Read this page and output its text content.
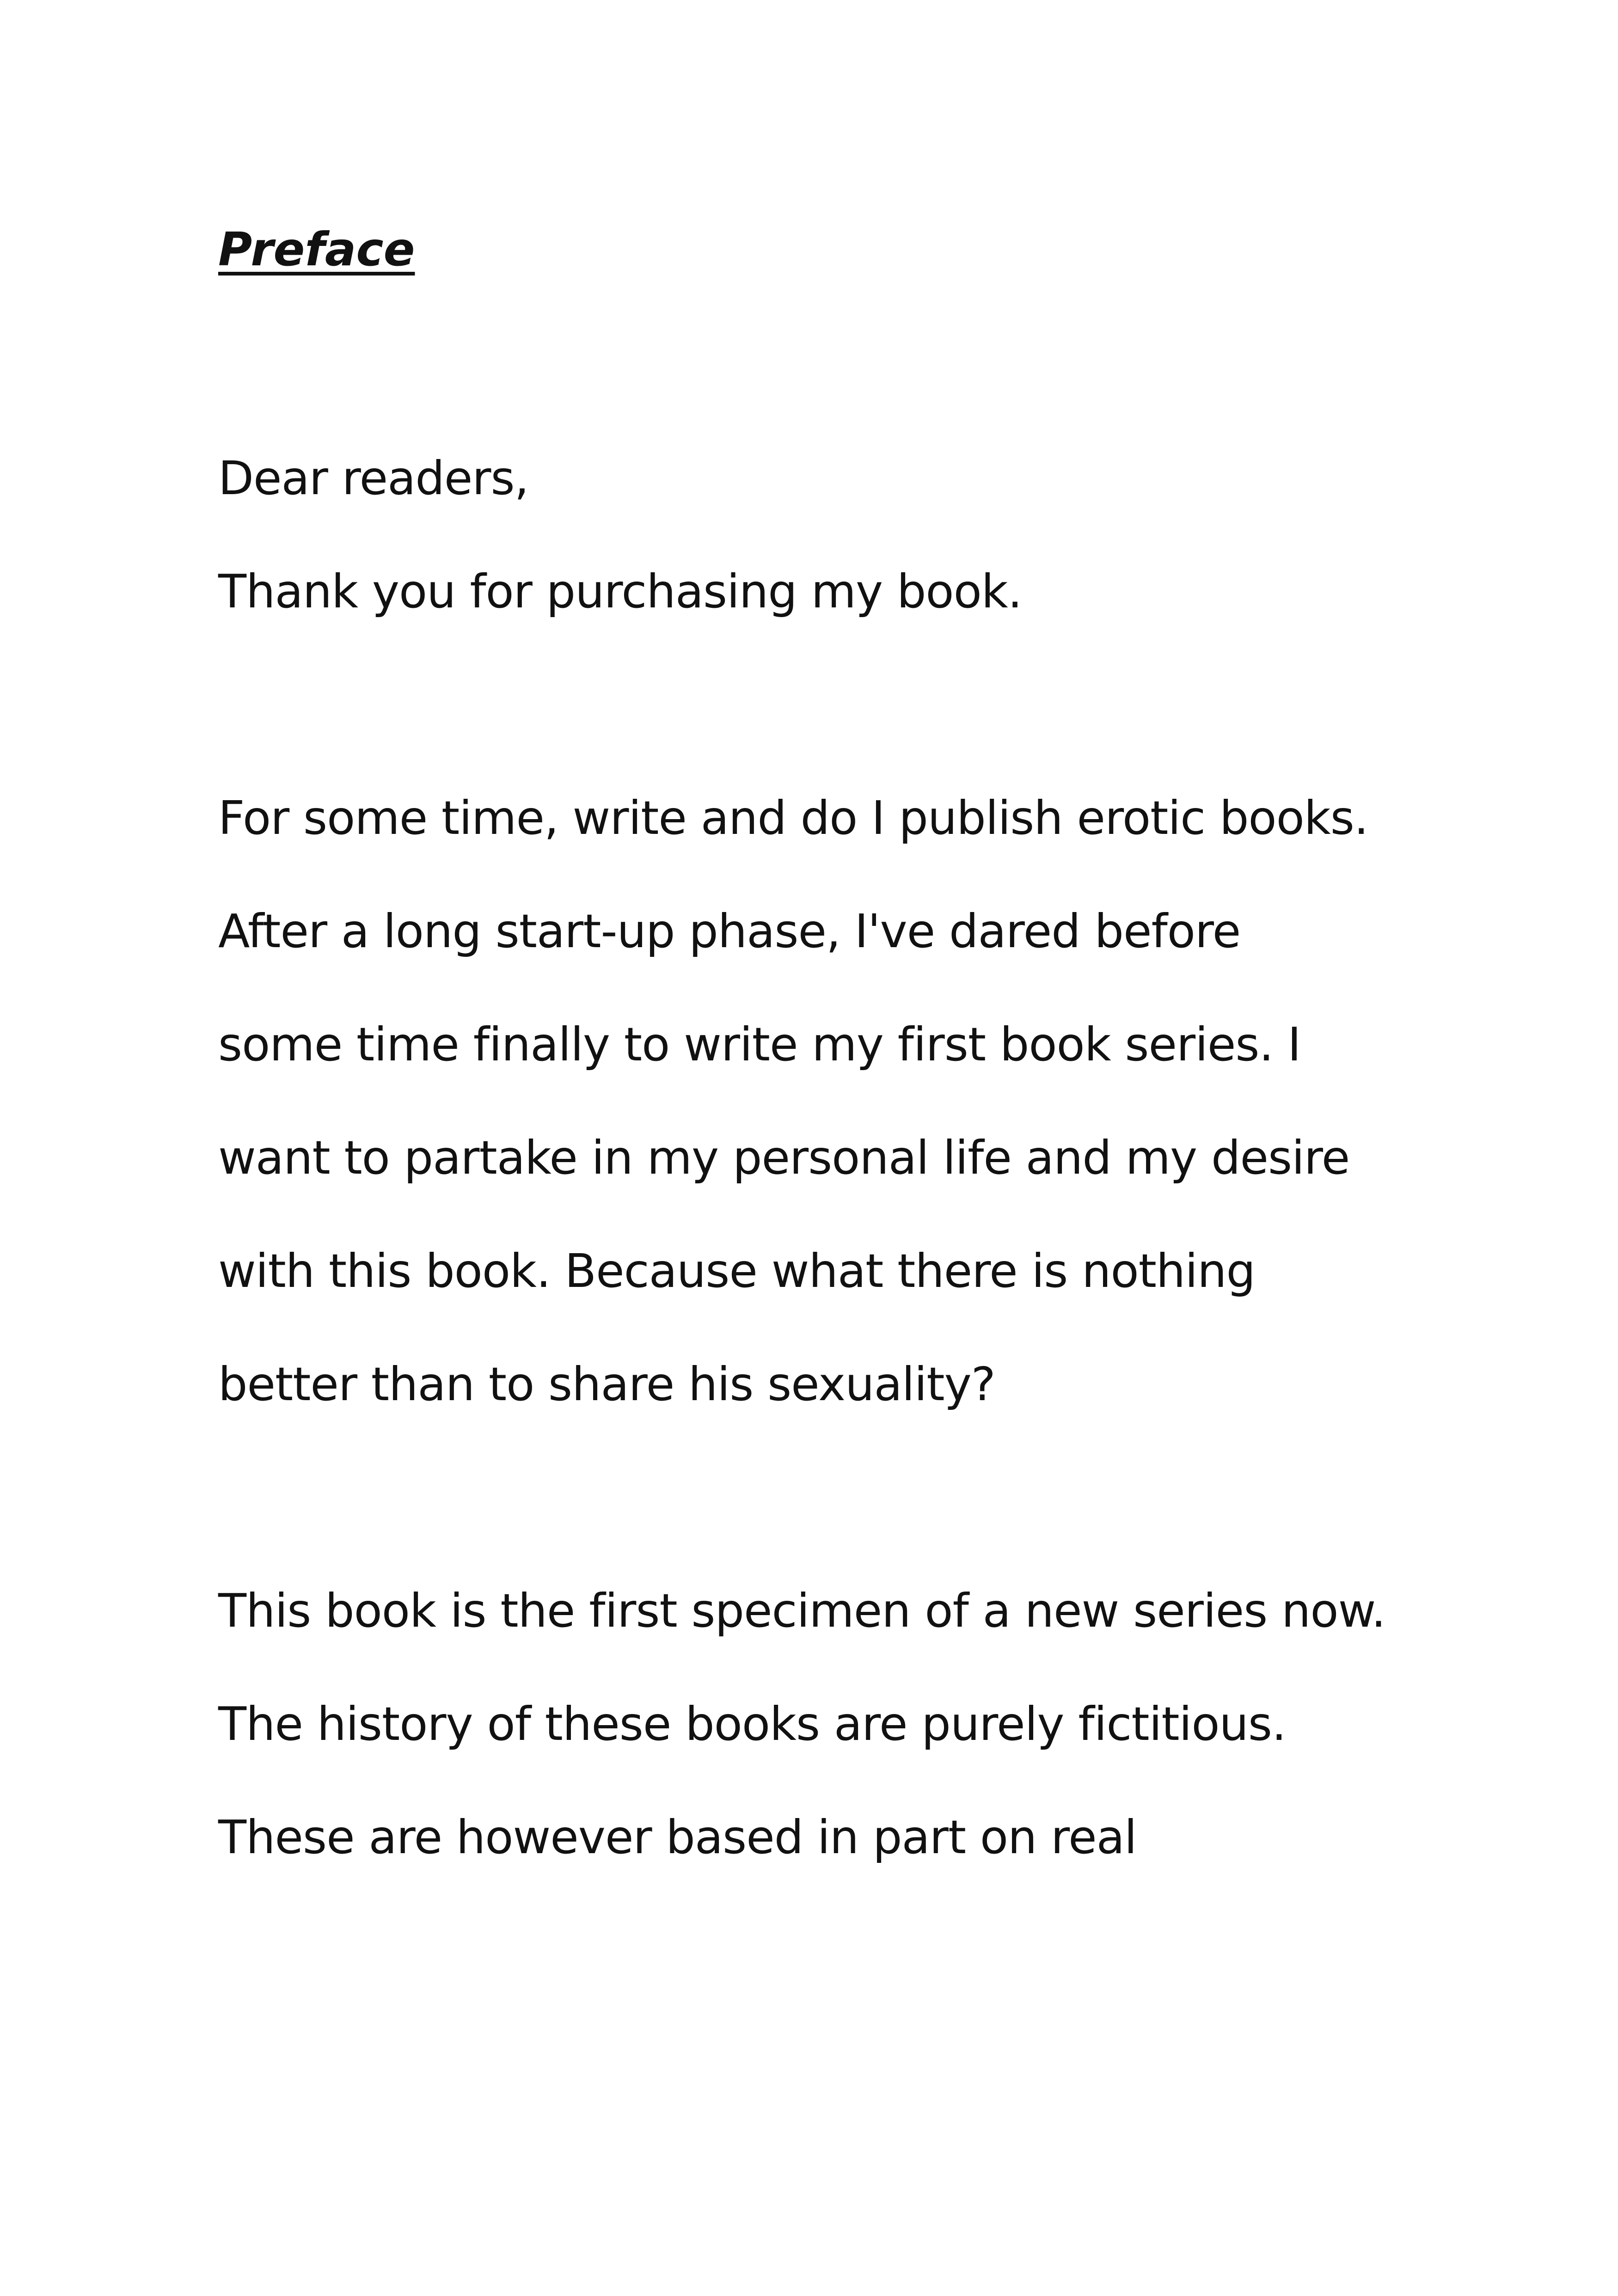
Preface
Dear readers,
Thank you for purchasing my book.
For some time, write and do I publish erotic books.
After a long start-up phase, I've dared before
some time finally to write my first book series. I
want to partake in my personal life and my desire
with this book. Because what there is nothing
better than to share his sexuality?
This book is the first specimen of a new series now.
The history of these books are purely fictitious.
These are however based in part on real
